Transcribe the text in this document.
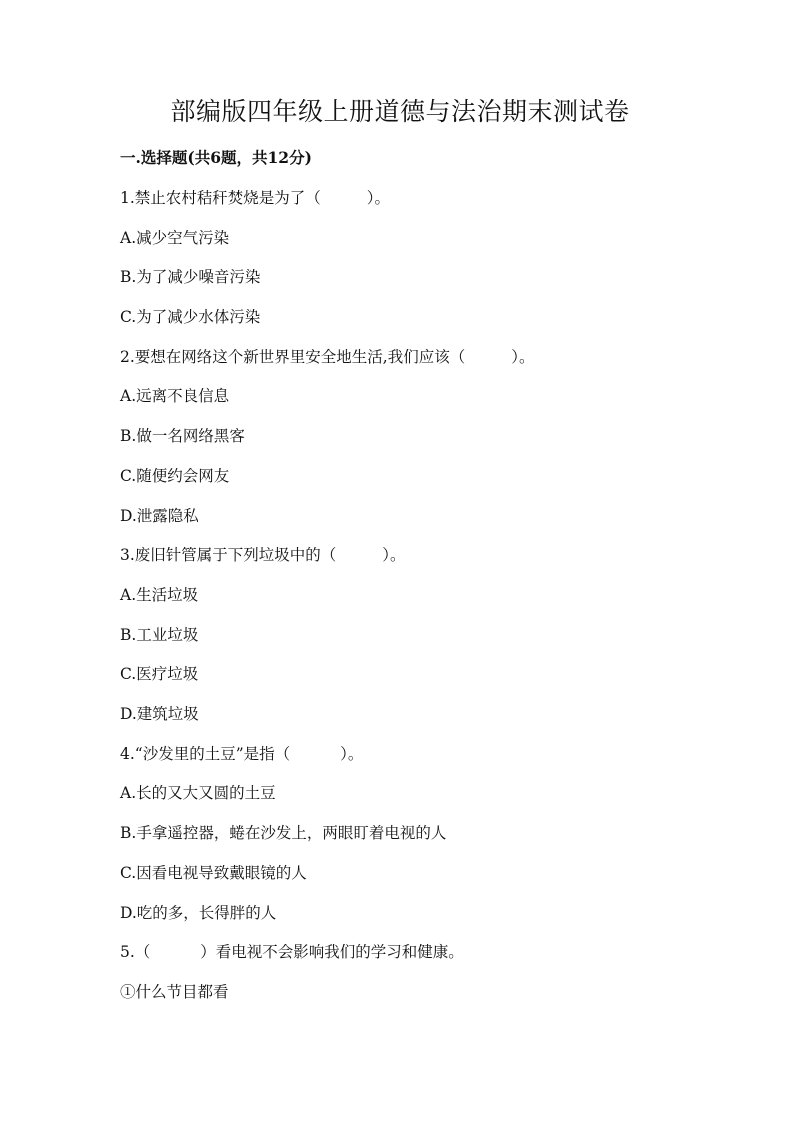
部编版四年级上册道德与法治期末测试卷

一.选择题(共6题，共12分)

1.禁止农村秸秆焚烧是为了（	）。

A.减少空气污染

B.为了减少噪音污染

C.为了减少水体污染

2.要想在网络这个新世界里安全地生活,我们应该（	）。

A.远离不良信息

B.做一名网络黑客

C.随便约会网友

D.泄露隐私

3.废旧针管属于下列垃圾中的（	）。

A.生活垃圾

B.工业垃圾

C.医疗垃圾

D.建筑垃圾

4.“沙发里的土豆”是指（	）。

A.长的又大又圆的土豆

B.手拿遥控器，蜷在沙发上，两眼盯着电视的人

C.因看电视导致戴眼镜的人

D.吃的多，长得胖的人

5.（	）看电视不会影响我们的学习和健康。

①什么节目都看
